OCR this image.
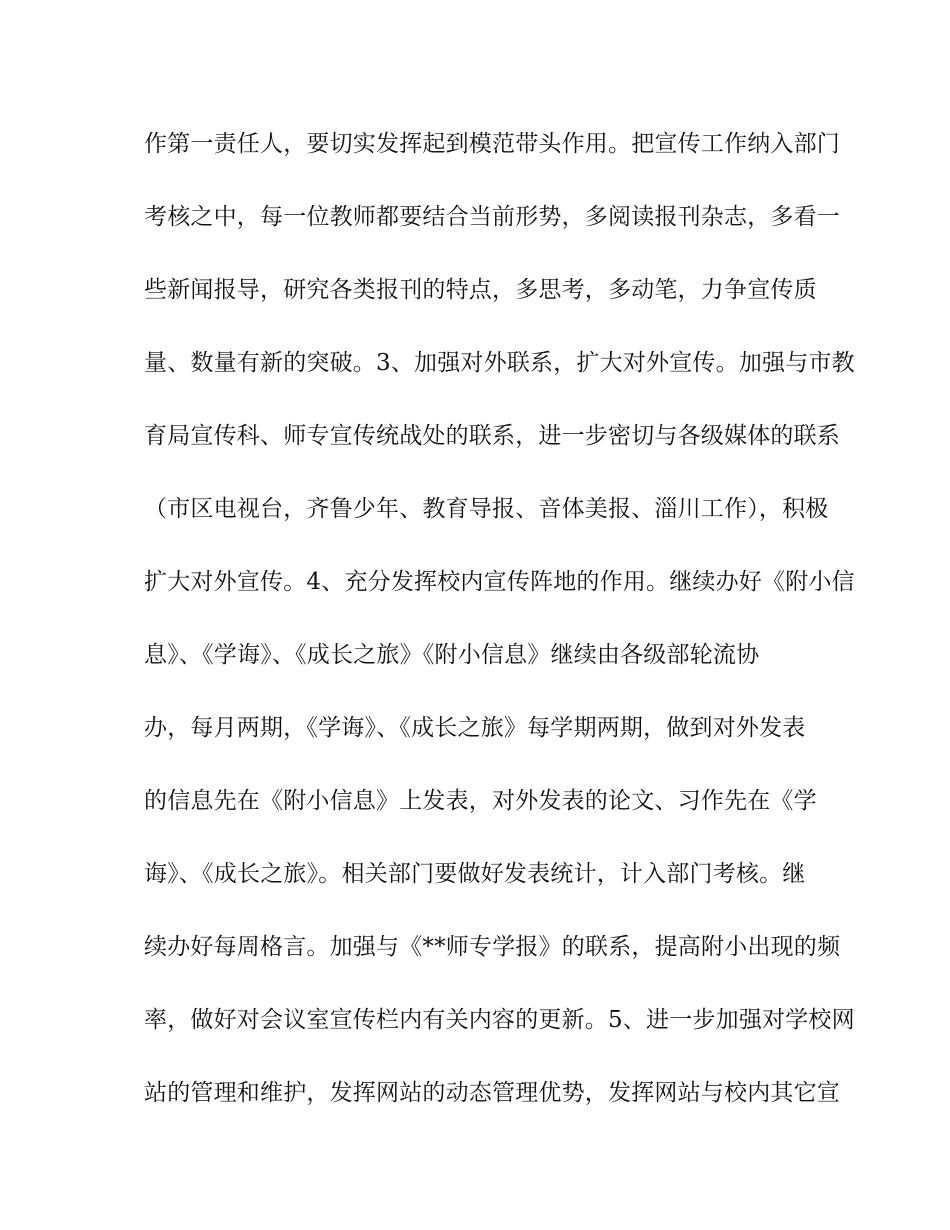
作第一责任人，要切实发挥起到模范带头作用。把宣传工作纳入部门
考核之中，每一位教师都要结合当前形势，多阅读报刊杂志，多看一
些新闻报导，研究各类报刊的特点，多思考，多动笔，力争宣传质
量、数量有新的突破。3、加强对外联系，扩大对外宣传。加强与市教
育局宣传科、师专宣传统战处的联系，进一步密切与各级媒体的联系
（市区电视台，齐鲁少年、教育导报、音体美报、淄川工作），积极
扩大对外宣传。4、充分发挥校内宣传阵地的作用。继续办好《附小信
息》、《学诲》、《成长之旅》《附小信息》继续由各级部轮流协
办，每月两期，《学诲》、《成长之旅》每学期两期，做到对外发表
的信息先在《附小信息》上发表，对外发表的论文、习作先在《学
诲》、《成长之旅》。相关部门要做好发表统计，计入部门考核。继
续办好每周格言。加强与《**师专学报》的联系，提高附小出现的频
率，做好对会议室宣传栏内有关内容的更新。5、进一步加强对学校网
站的管理和维护，发挥网站的动态管理优势，发挥网站与校内其它宣
